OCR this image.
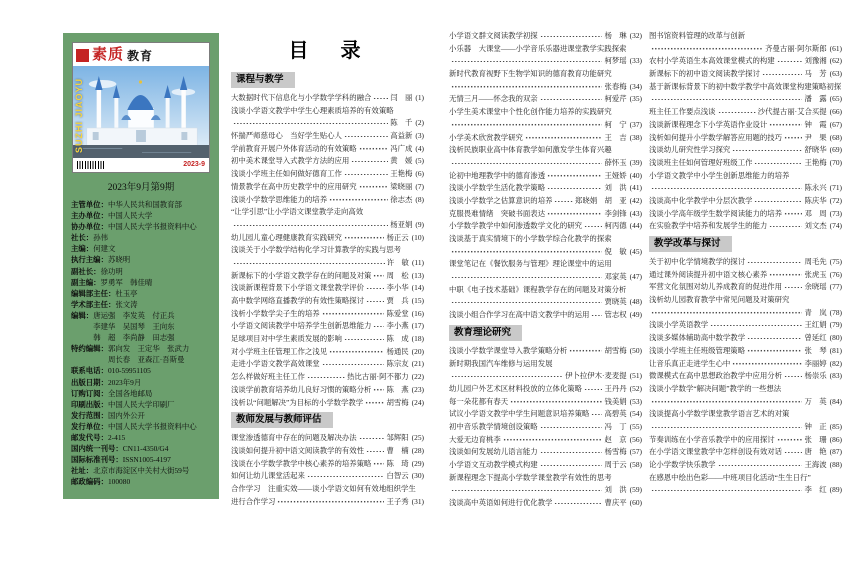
素质 教育
SUZHI JIAOYU
2023-9
2023年9月第9期
主管单位：中华人民共和国教育部
主办单位：中国人民大学
协办单位：中国人民大学书报资料中心
社长：孙伟
主编：何建文
执行主编：苏晓明
副社长：徐功明
副主编：罗勇军　韩佳晴
编辑部主任：杜玉亭
学术部主任：张文涛
编辑：唐运强　李发英　付正兵
李建华　吴国琴　王向东
韩　超　李尚静　田志强
特约编辑：郭向发　王定华　张武力
周长春　亚森江·吾斯曼
联系电话：010-59951105
出版日期：2023年9月
订购订阅：全国各地邮局
印刷出版：中国人民大学印刷厂
发行范围：国内外公开
发行单位：中国人民大学书报资料中心
邮发代号：2-415
国内统一刊号：CN11-4350/G4
国际标准刊号：ISSN1005-4197
社址：北京市海淀区中关村大街59号
邮政编码：100080
目　录
课程与教学
大数据时代下信息化与小学数学学科的融合	闫　丽 (1)
浅谈小学语文教学中学生心理素质培养的有效策略
陈　千 (2)
怀揣严师慈母心　当好学生贴心人	高益新 (3)
学前教育开展户外体育活动的有效策略	冯广成 (4)
初中美术课堂导入式教学方法的应用	黄　媛 (5)
浅谈小学班主任如何做好德育工作	王艳梅 (6)
情景教学在高中历史教学中的应用研究	梁晓丽 (7)
浅谈小学数学思维能力的培养	徐志杰 (8)
“让学引思”让小学语文课堂教学走向高效
杨亚娟 (9)
幼儿园儿童心理健康教育实践研究	杨正云 (10)
浅谈关于小学数学结构化学习计算教学的实践与思考
许　敏 (11)
新课标下的小学语文教学存在的问题及对策 周　松 (13)
浅谈新课程背景下小学语文课堂教学评价	李小华 (14)
高中数学网络直播教学的有效性策略探讨	贾　兵 (15)
浅析小学数学尖子生的培养	陈爱堂 (16)
小学语文阅读教学中培养学生创新思维能力 李小燕 (17)
足球项目对中学生素质发展的影响	陈　成 (18)
对小学班主任管理工作之浅见	杨通民 (20)
走进小学语文教学高效课堂	陈宗友 (21)
怎么样做好班主任工作	热比古丽·阿不都力 (22)
浅谈学前教育培养幼儿良好习惯的策略分析 陈　燕 (23)
浅析以“问题解决”为目标的小学数学教学	胡雪梅 (24)
教师发展与教师评估
课堂渗透德育中存在的问题及解决办法	邹辉阳 (25)
浅谈如何提升初中语文阅读教学的有效性	曹　楠 (28)
浅谈在小学数学教学中核心素养的培养策略 陈　琦 (29)
如何让幼儿课堂活起来	白智云 (30)
合作学习　注重实效——谈小学语文如何有效地组织学生
进行合作学习	王子秀 (31)
小学语文群文阅读教学初探	杨　琳 (32)
小乐器　大课堂——小学音乐乐器进课堂教学实践探索
柯梦瑶 (33)
新时代教育视野下生物学知识的德育教育功能研究
张春梅 (34)
无情三月——怀念我的双亲	柯爱芹 (35)
小学生美术课堂中个性化创作能力培养的实践研究
柯　宁 (37)
小学美术欣赏教学研究	王　吉 (38)
浅析民族职业高中体育教学如何激发学生体育兴趣
薛怀玉 (39)
论初中地理教学中的德育渗透	王娅娇 (40)
浅谈小学数学生活化教学策略	刘　洪 (41)
浅谈小学数学之估算意识的培养	郑晓娟　胡　亚 (42)
克服畏难情绪　突破书面表达	李剑锋 (43)
小学数学教学中如何渗透数学文化的研究	柯丙德 (44)
浅谈基于真实情境下的小学数学综合化教学的探索
倪　敏 (45)
课堂笔记在《餐饮服务与管理》理论课堂中的运用
邓家英 (47)
中职《电子技术基础》课程教学存在的问题及对策分析
贾晓英 (48)
浅谈小组合作学习在高中语文教学中的运用 管志权 (49)
教育理论研究
浅谈小学数学课堂导入教学策略分析	胡雪梅 (50)
新时期我国汽车维修与运用发展
伊卜拉伊木·麦麦提 (51)
幼儿园户外艺术区材料投放的立体化策略	王丹丹 (52)
每一朵花都有春天	钱美娟 (53)
试议小学语文教学中学生问题意识培养策略 高碧英 (54)
初中音乐教学情境创设策略	冯　丁 (55)
大爱无边育桃李	赵　京 (56)
浅谈如何发展幼儿语言能力	杨雪梅 (57)
小学语文互动教学模式构建	周于云 (58)
新课程理念下提高小学数学课堂教学有效性的思考
刘　洪 (59)
浅谈高中英语如何进行优化教学	曹庆平 (60)
图书馆资料管理的改革与创新
齐曼古丽·阿尔斯郎 (61)
农村小学英语生本高效课堂模式的构建	刘豫湘 (62)
新课标下的初中语文阅读教学探讨	马　芳 (63)
基于新课标背景下的初中数学教学中高效课堂构建策略初探
潘　露 (65)
班主任工作要点浅谈	沙代提古丽·艾合买提 (66)
浅谈新课程理念下小学英语作业设计	钟　霞 (67)
浅析如何提升小学数学解答应用题的技巧	尹　果 (68)
浅谈幼儿研究性学习探究	舒晓华 (69)
浅谈班主任如何管理好班级工作	王艳梅 (70)
小学语文教学中小学生创新思维能力的培养
陈永兴 (71)
浅谈高中化学教学中分层次教学	陈庆华 (72)
浅谈小学高年级学生数学阅读能力的培养	邓　周 (73)
在实验教学中培养和发展学生的能力	刘文杰 (74)
教学改革与探讨
关于初中化学情境教学的探讨	周毛先 (75)
通过课外阅读提升初中语文核心素养	张虎玉 (76)
军营文化氛围对幼儿养成教育的促进作用	余晓瑶 (77)
浅析幼儿园教育教学中常见问题及对策研究
青　岚 (78)
浅谈小学英语教学	王红娟 (79)
浅谈多媒体辅助高中数学教学	曾延红 (80)
浅谈小学班主任班级管理策略	张　琴 (81)
让音乐真正走进学生心中	李丽婷 (82)
微课模式在高中思想政治教学中应用分析	杨崇乐 (83)
浅谈小学数学“解决问题”教学的一些想法
万　英 (84)
浅谈提高小学数学课堂教学语言艺术的对策
钟　正 (85)
节奏训练在小学音乐教学中的应用探讨	张　珊 (86)
在小学语文课堂教学中怎样创设有效对话	唐　艳 (87)
论小学数学快乐教学	王海波 (88)
在感恩中绘出色彩——中班项目化活动“生生日行”
李　红 (89)
